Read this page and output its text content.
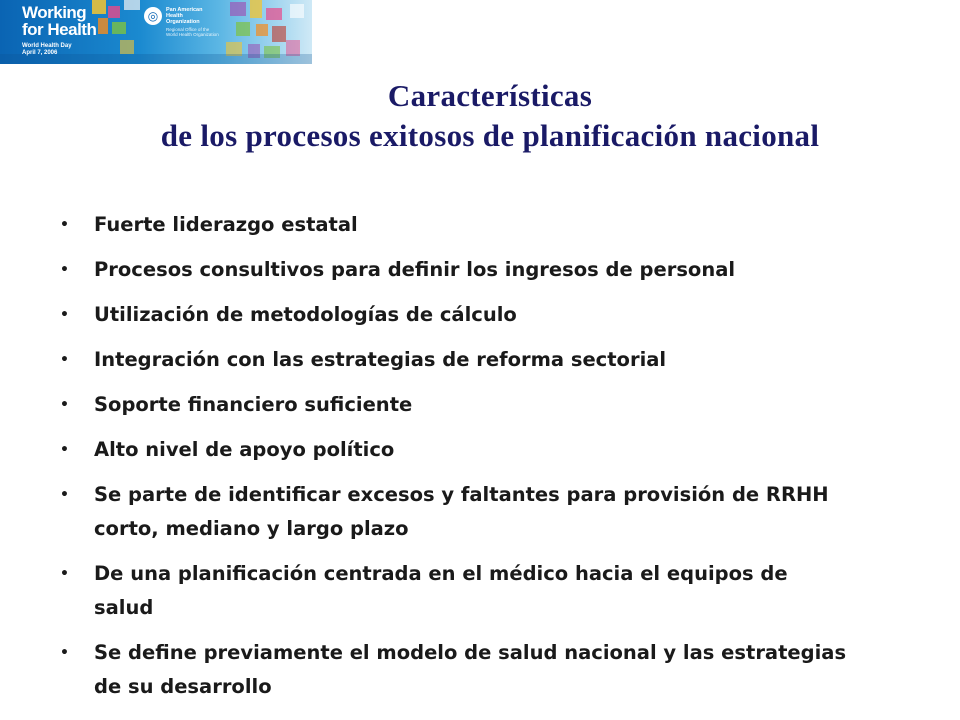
Working
for Health
World Health Day
April 7, 2006
◎	Pan American
Health
Organization
Regional Office of the
World Health Organization
Características
de los procesos exitosos de planificación nacional
• Fuerte liderazgo estatal
• Procesos consultivos para definir los ingresos de personal
• Utilización de metodologías de cálculo
• Integración con las estrategias de reforma sectorial
• Soporte financiero suficiente
• Alto nivel de apoyo político
• Se parte de identificar excesos y faltantes para provisión de RRHH
corto, mediano y largo plazo
• De una planificación centrada en el médico hacia el equipos de
salud
• Se define previamente el modelo de salud nacional y las estrategias
de su desarrollo
